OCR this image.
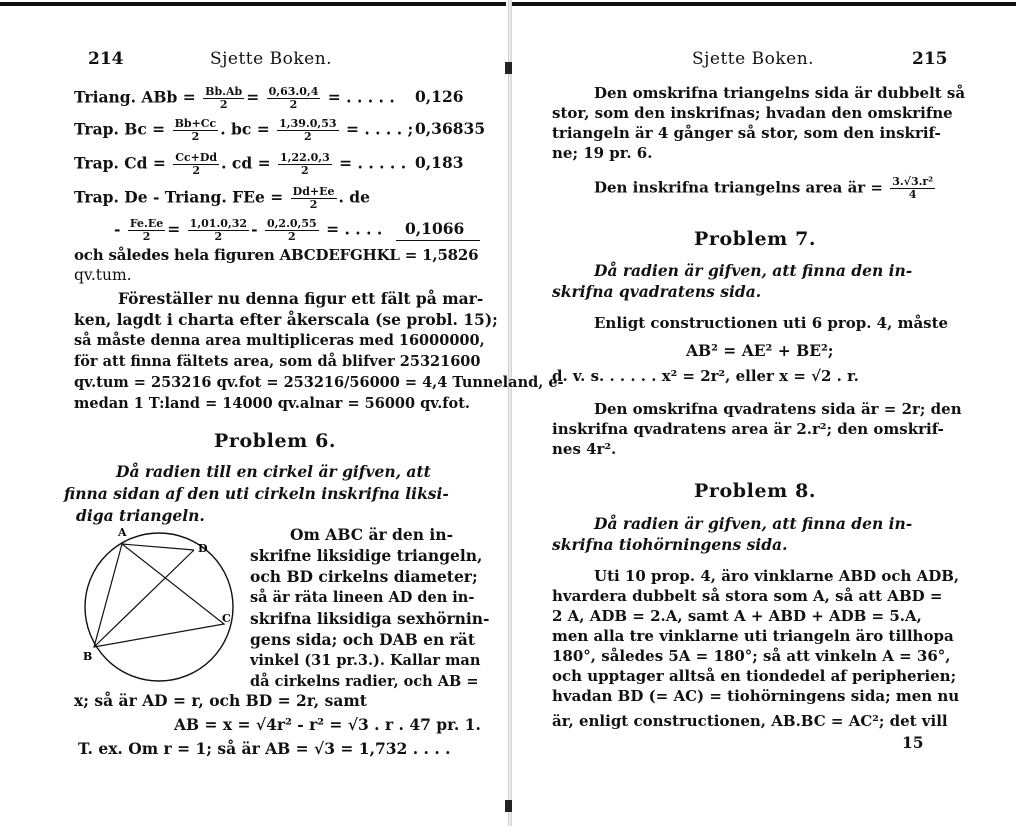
214	Sjette Boken.
Triang. ABb = $\frac{Bb.Ab}{2} = \frac{0,63.0,4}{2}$ = . . . . . 0,126
Trap. $Bc = \frac{Bb+Cc}{2}$ . bc = $\frac{1,39.0,53}{2}$ = . . . . ; 0,36835
Trap. $Cd = \frac{Cc+Dd}{2}$ . cd = $\frac{1,22.0,3}{2}$ = . . . . . 0,183
Trap. De - Triang. FEe = $\frac{Dd+Ee}{2}$ . de
- $\frac{Fe.Ee}{2} = \frac{1,01.0,32}{2} - \frac{0,2.0,55}{2}$ = . . . . 0,1066
och således hela figuren ABCDEFGHKL = 1,5826
qv.tum.
Föreställer nu denna figur ett fält på mar-
ken, lagdt i charta efter åkerscala (se probl. 15);
så måste denna area multipliceras med 16000000,
för att finna fältets area, som då blifver 25321600
qv.tum = 253216 qv.fot = 253216/56000 = 4,4 Tunneland, e-
medan 1 T:land = 14000 qv.alnar = 56000 qv.fot.
Problem 6.
Då radien till en cirkel är gifven, att
finna sidan af den uti cirkeln inskrifna liksi-
diga triangeln.
A
D
C
B
Om ABC är den in-
skrifne liksidige triangeln,
och BD cirkelns diameter;
så är räta lineen AD den in-
skrifna liksidiga sexhörnin-
gens sida; och DAB en rät
vinkel (31 pr.3.). Kallar man
då cirkelns radier, och AB =
x; så är AD = r, och BD = 2r, samt
AB = x = √4r² - r² = √3 . r . 47 pr. 1.
T. ex. Om r = 1; så är AB = √3 = 1,732 . . . .
Sjette Boken.	215
Den omskrifna triangelns sida är dubbelt så
stor, som den inskrifnas; hvadan den omskrifne
triangeln är 4 gånger så stor, som den inskrif-
ne; 19 pr. 6.
Den inskrifna triangelns area är = $\frac{\text{3.√3.r²}}{4}$
Problem 7.
Då radien är gifven, att finna den in-
skrifna qvadratens sida.
Enligt constructionen uti 6 prop. 4, måste
AB² = AE² + BE²;
d. v. s. . . . . . x² = 2r², eller x = √2 . r.
Den omskrifna qvadratens sida är = 2r; den
inskrifna qvadratens area är 2.r²; den omskrif-
nes 4r².
Problem 8.
Då radien är gifven, att finna den in-
skrifna tiohörningens sida.
Uti 10 prop. 4, äro vinklarne ABD och ADB,
hvardera dubbelt så stora som A, så att ABD =
2 A, ADB = 2.A, samt A + ABD + ADB = 5.A,
men alla tre vinklarne uti triangeln äro tillhopa
180°, således 5A = 180°; så att vinkeln A = 36°,
och upptager alltså en tiondedel af peripherien;
hvadan BD (= AC) = tiohörningens sida; men nu
är, enligt constructionen, AB.BC = AC²; det vill
15
